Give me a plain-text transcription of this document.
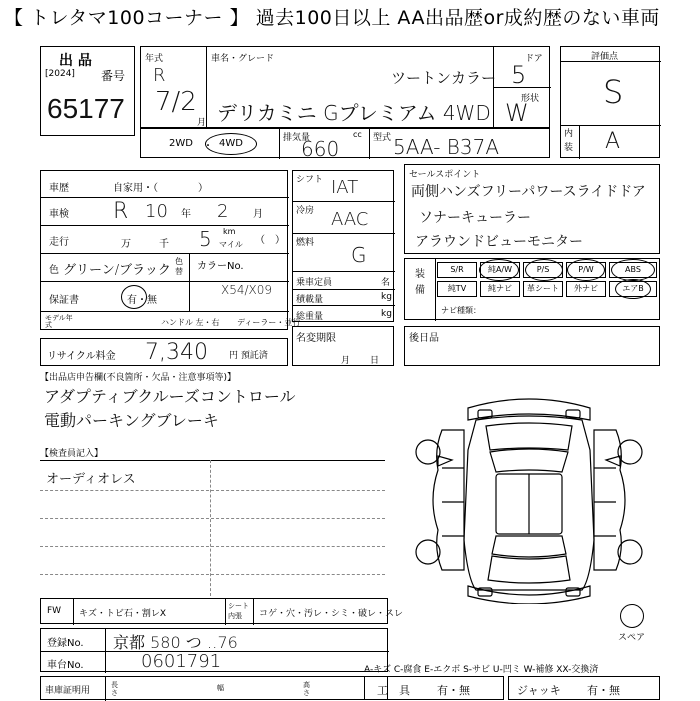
【 トレタマ100コーナー 】 過去100日以上 AA出品歴or成約歴のない車両
出 品
[2024] 番号
65177
年式
R
7/2
月
車名・グレード
ツートンカラー
デリカミニ Gプレミアム 4WD
ドア
5
形状
W
評価点
S
内装 A
2WD ・ 4WD	排気量
660
cc 型式 5AA- B37A
車歴	自家用・（　　　　）
車検 R 10 年 2 月
走行	万	千 5 km
マイル （　）
色 グリーン/ブラック
色替 カラーNo.
X54/X09
保証書	有・無
モデル年式	ハンドル 左・右 ディーラー・並行
シフト IAT
冷房 AAC
燃料 G
乗車定員	名
積載量	kg
総重量	kg
名変期限
月日
セールスポイント
両側ハンズフリーパワースライドドア
ソナーキューラー
アラウンドビューモニター
装備
S/R	純A/W	P/S	P/W	ABS
純TV	純ナビ	革シート	外ナビ	エアB
ナビ種類：
後日品
リサイクル料金 7,340 円 預託済
【出品店申告欄(不良箇所・欠品・注意事項等)】
アダプティブクルーズコントロール
電動パーキングブレーキ
【検査員記入】
オーディオレス
スペア
FW キズ・トビ石・割レX
シート内張	コゲ・穴・汚レ・シミ・破レ・スレ
登録No. 京都 580 つ ‥76
車台No.	0601791	A-キズ C-腐食 E-エクボ S-サビ U-凹ミ W-補修 XX-交換済
車庫証明用
長さ
幅	高さ	工　具 有・無	ジャッキ 有・無
